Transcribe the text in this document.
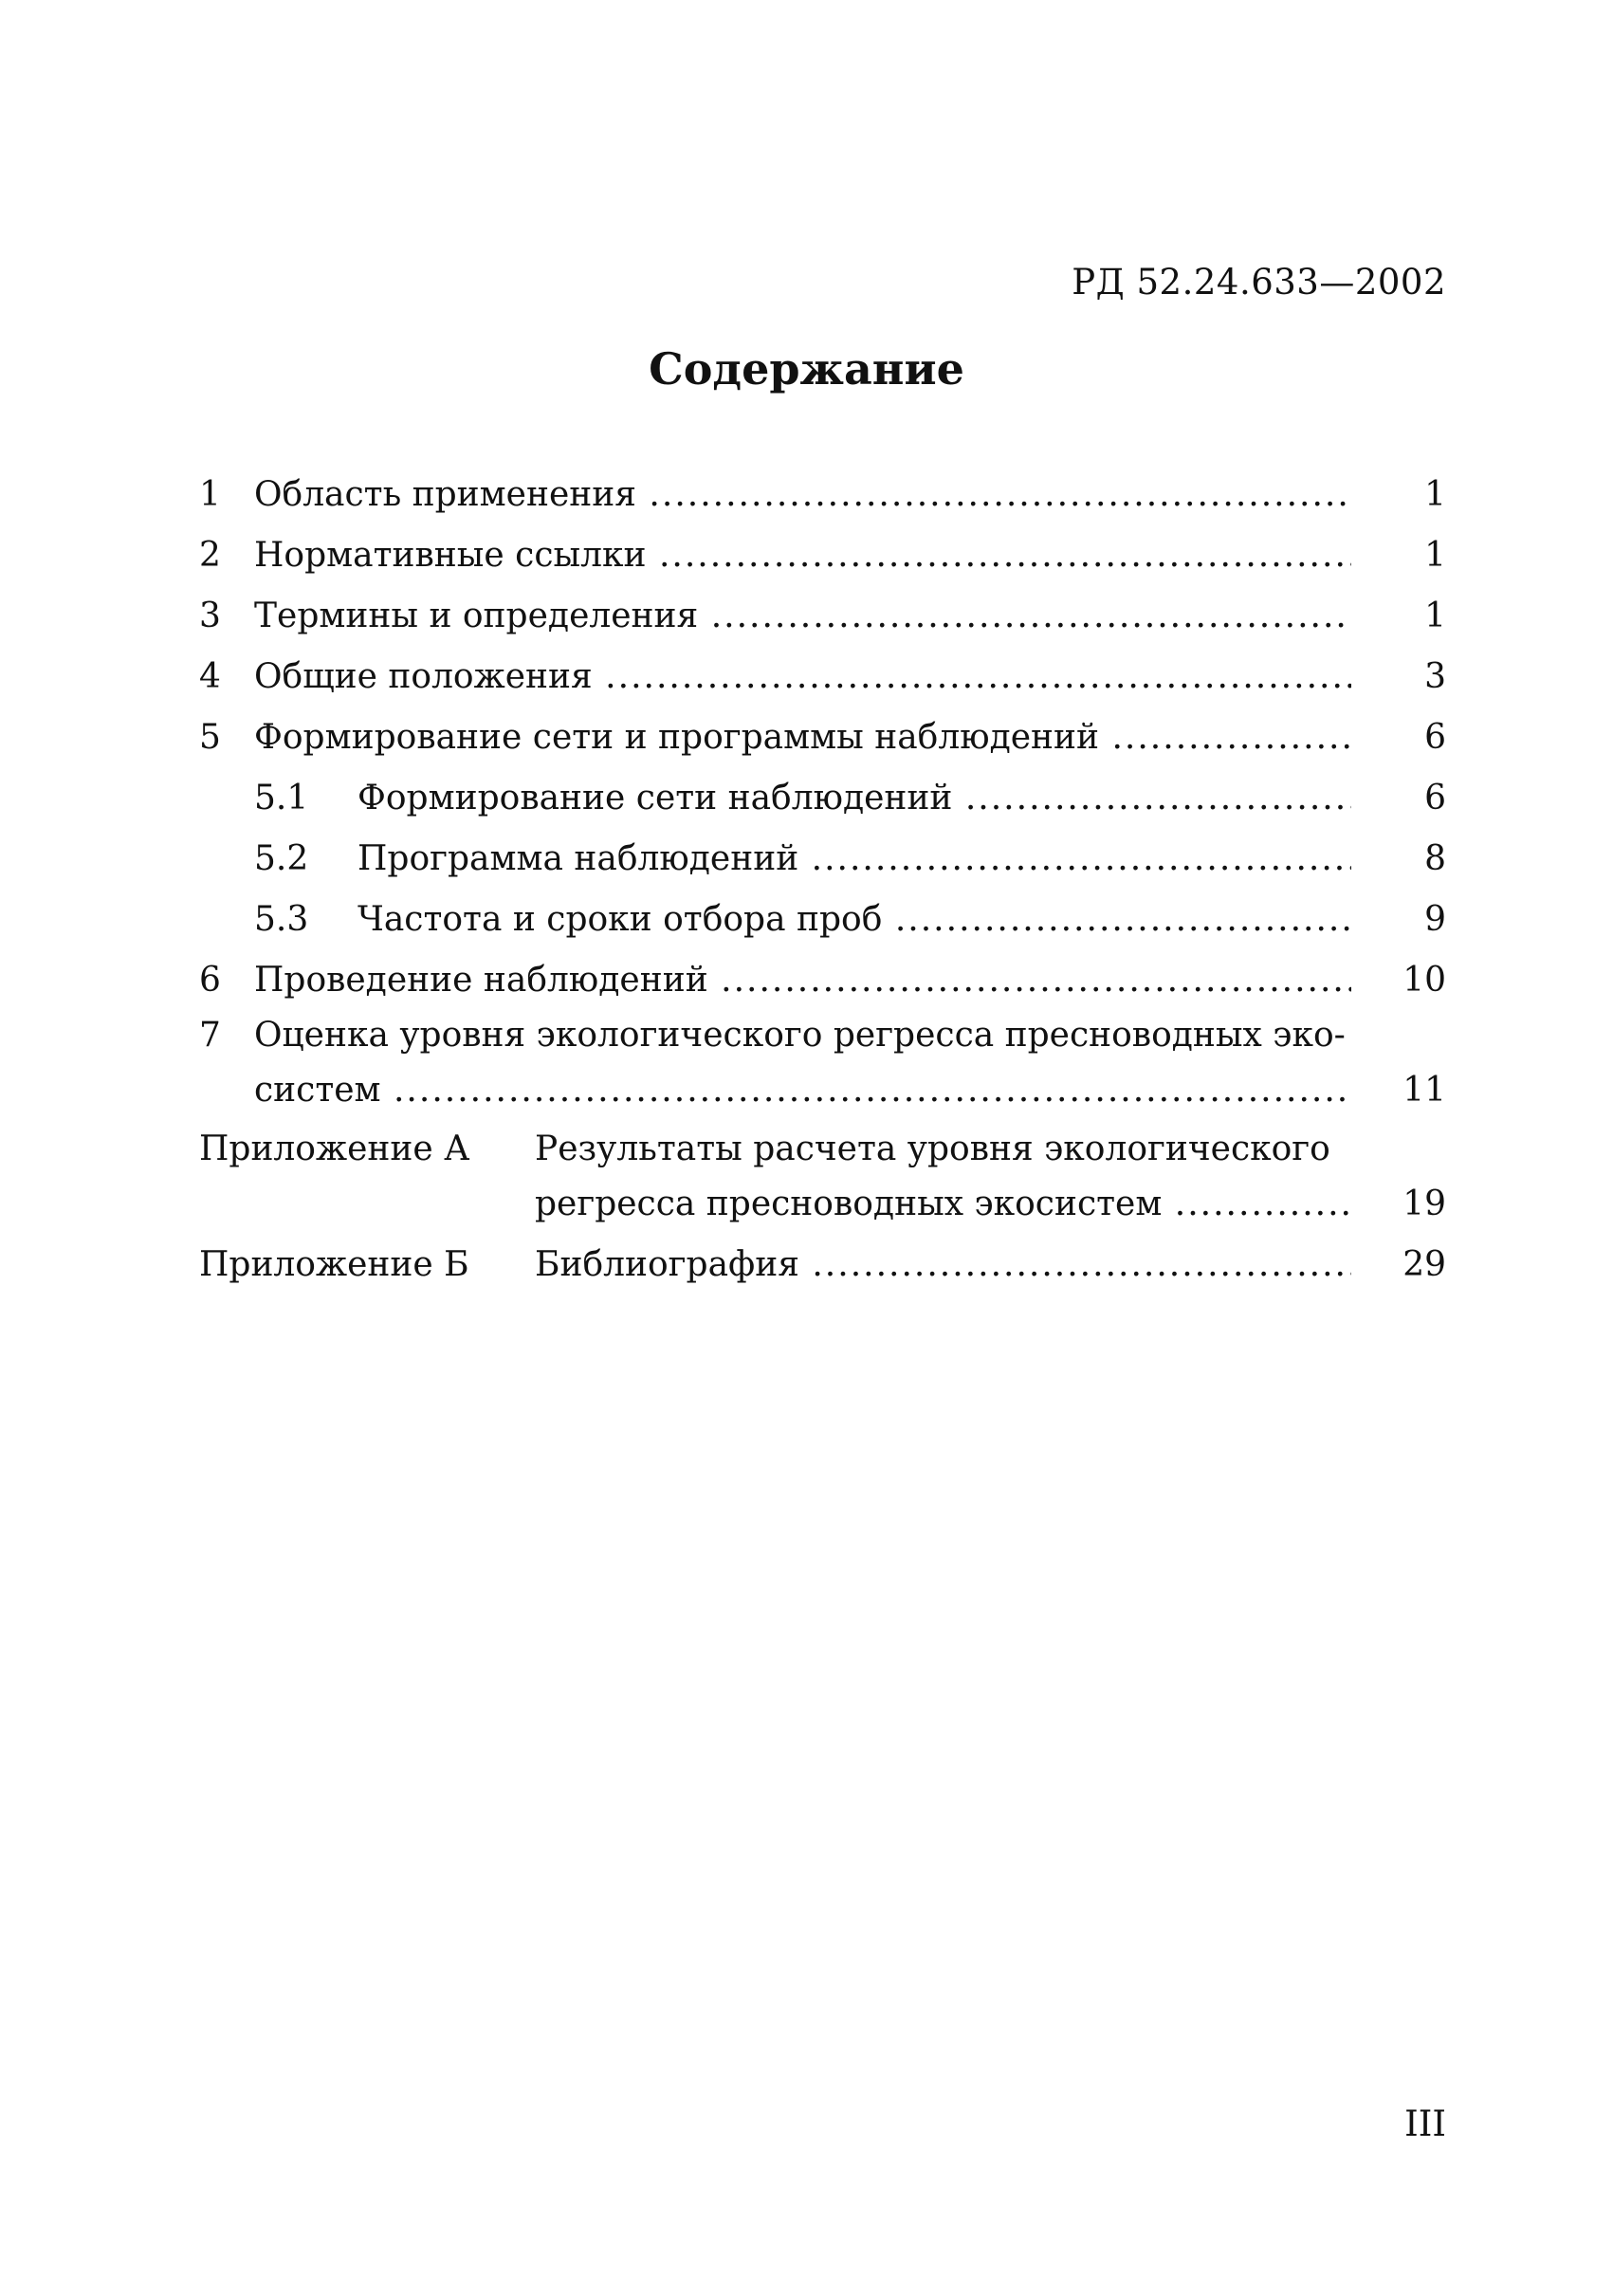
РД 52.24.633—2002
Содержание
1 Область применения .....	1
2 Нормативные ссылки .....	1
3 Термины и определения .....	1
4 Общие положения .....	3
5 Формирование сети и программы наблюдений .....	6
5.1 Формирование сети наблюдений .....	6
5.2 Программа наблюдений .....	8
5.3 Частота и сроки отбора проб .....	9
6 Проведение наблюдений .....	10
7 Оценка уровня экологического регресса пресноводных эко-
систем .....	11
Приложение А Результаты расчета уровня экологического
регресса пресноводных экосистем .....	19
Приложение Б Библиография .....	29
III
